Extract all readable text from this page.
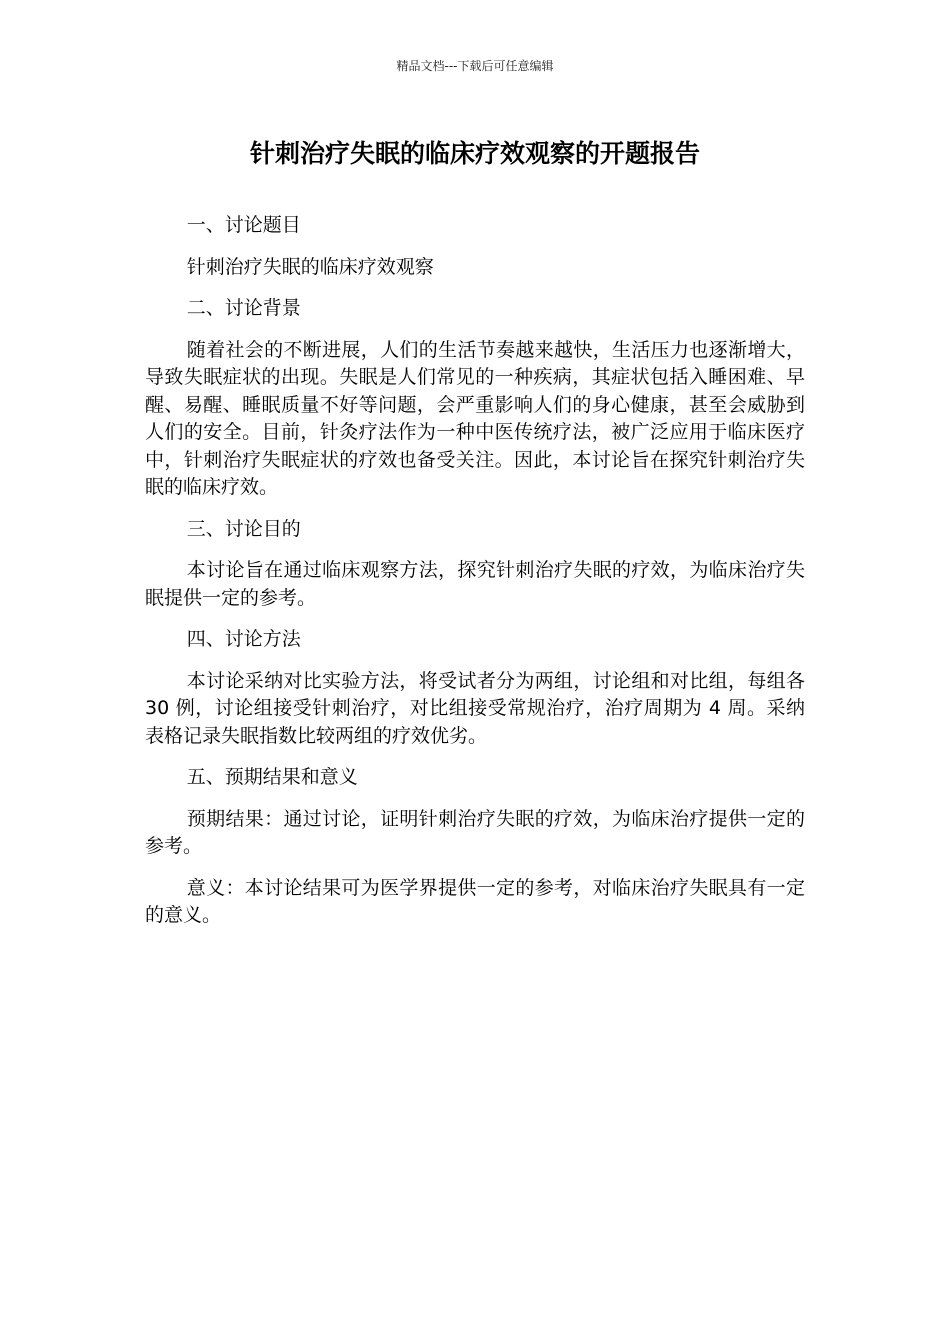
精品文档---下载后可任意编辑
针刺治疗失眠的临床疗效观察的开题报告

一、讨论题目

针刺治疗失眠的临床疗效观察

二、讨论背景

随着社会的不断进展，人们的生活节奏越来越快，生活压力也逐渐增大，导致失眠症状的出现。失眠是人们常见的一种疾病，其症状包括入睡困难、早醒、易醒、睡眠质量不好等问题，会严重影响人们的身心健康，甚至会威胁到人们的安全。目前，针灸疗法作为一种中医传统疗法，被广泛应用于临床医疗中，针刺治疗失眠症状的疗效也备受关注。因此，本讨论旨在探究针刺治疗失眠的临床疗效。

三、讨论目的

本讨论旨在通过临床观察方法，探究针刺治疗失眠的疗效，为临床治疗失眠提供一定的参考。

四、讨论方法

本讨论采纳对比实验方法，将受试者分为两组，讨论组和对比组，每组各 30 例，讨论组接受针刺治疗，对比组接受常规治疗，治疗周期为 4 周。采纳表格记录失眠指数比较两组的疗效优劣。

五、预期结果和意义

预期结果：通过讨论，证明针刺治疗失眠的疗效，为临床治疗提供一定的参考。

意义：本讨论结果可为医学界提供一定的参考，对临床治疗失眠具有一定的意义。
